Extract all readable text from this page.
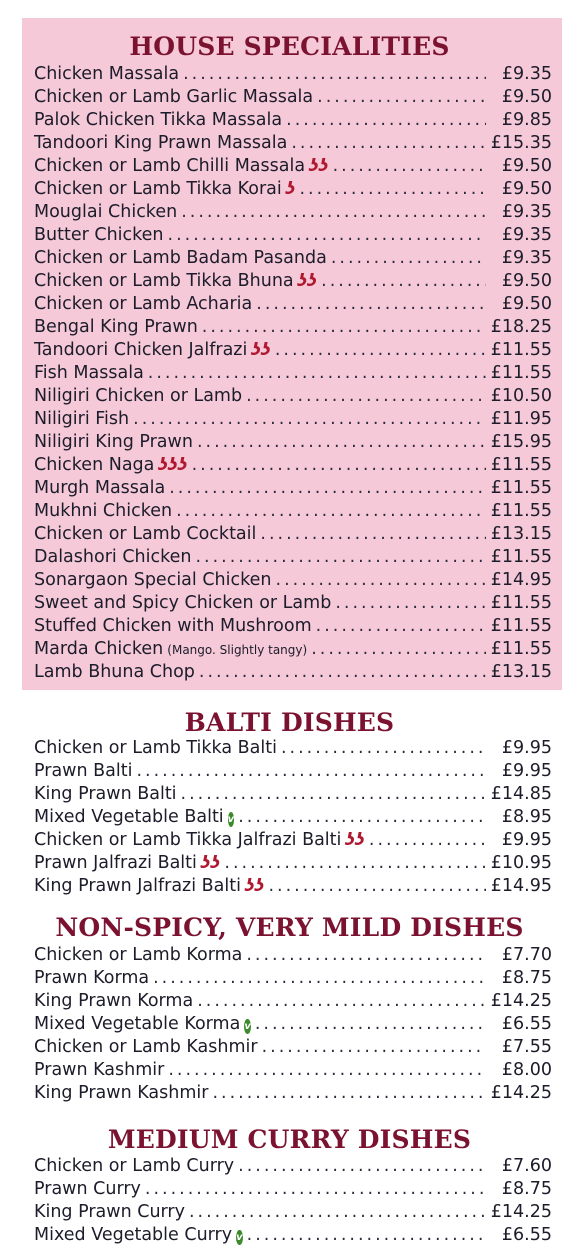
HOUSE SPECIALITIES
Chicken Massala .....	£9.35
Chicken or Lamb Garlic Massala .....	£9.50
Palok Chicken Tikka Massala .....	£9.85
Tandoori King Prawn Massala .....	£15.35
Chicken or Lamb Chilli Massala ʖʖ .....	£9.50
Chicken or Lamb Tikka Korai ʖ .....	£9.50
Mouglai Chicken .....	£9.35
Butter Chicken .....	£9.35
Chicken or Lamb Badam Pasanda .....	£9.35
Chicken or Lamb Tikka Bhuna ʖʖ .....	£9.50
Chicken or Lamb Acharia .....	£9.50
Bengal King Prawn .....	£18.25
Tandoori Chicken Jalfrazi ʖʖ .....	£11.55
Fish Massala .....	£11.55
Niligiri Chicken or Lamb .....	£10.50
Niligiri Fish .....	£11.95
Niligiri King Prawn .....	£15.95
Chicken Naga ʖʖʖ .....	£11.55
Murgh Massala .....	£11.55
Mukhni Chicken .....	£11.55
Chicken or Lamb Cocktail .....	£13.15
Dalashori Chicken .....	£11.55
Sonargaon Special Chicken .....	£14.95
Sweet and Spicy Chicken or Lamb .....	£11.55
Stuffed Chicken with Mushroom .....	£11.55
Marda Chicken (Mango. Slightly tangy) .....	£11.55
Lamb Bhuna Chop .....	£13.15
BALTI DISHES
Chicken or Lamb Tikka Balti .....	£9.95
Prawn Balti .....	£9.95
King Prawn Balti .....	£14.85
Mixed Vegetable Balti v .....	£8.95
Chicken or Lamb Tikka Jalfrazi Balti ʖʖ .....	£9.95
Prawn Jalfrazi Balti ʖʖ .....	£10.95
King Prawn Jalfrazi Balti ʖʖ .....	£14.95
NON-SPICY, VERY MILD DISHES
Chicken or Lamb Korma .....	£7.70
Prawn Korma .....	£8.75
King Prawn Korma .....	£14.25
Mixed Vegetable Korma v .....	£6.55
Chicken or Lamb Kashmir .....	£7.55
Prawn Kashmir .....	£8.00
King Prawn Kashmir .....	£14.25
MEDIUM CURRY DISHES
Chicken or Lamb Curry .....	£7.60
Prawn Curry .....	£8.75
King Prawn Curry .....	£14.25
Mixed Vegetable Curry v .....	£6.55
